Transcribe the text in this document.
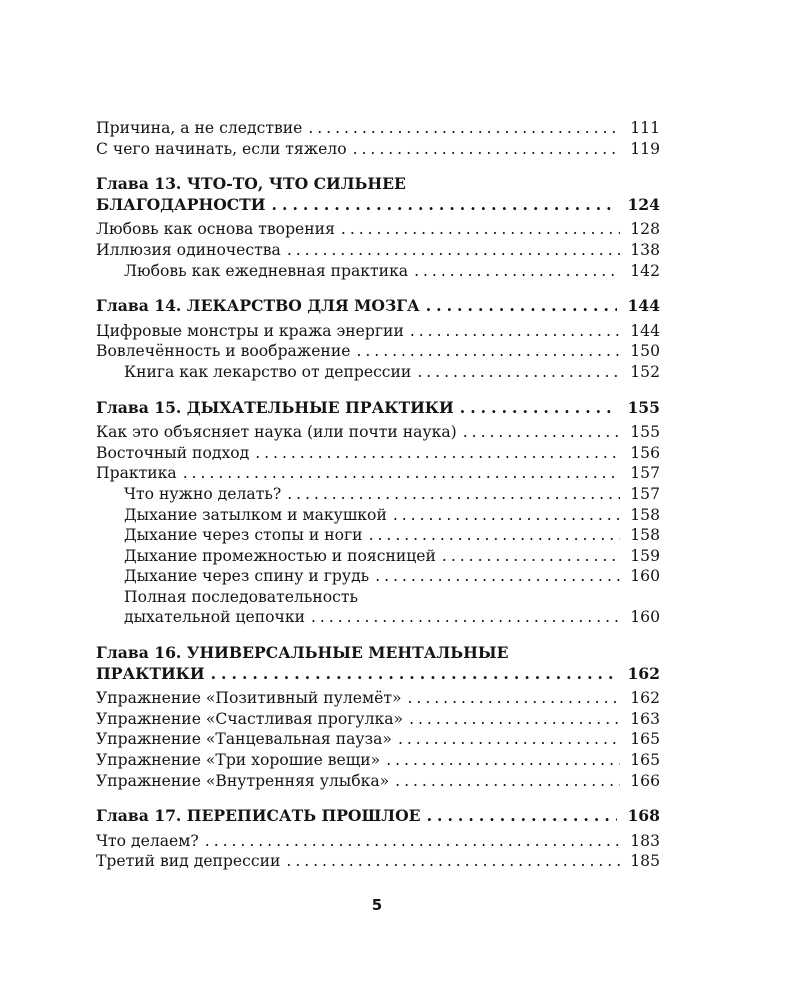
Причина, а не следствие . . .	111
С чего начинать, если тяжело . . .	119
Глава 13. ЧТО-ТО, ЧТО СИЛЬНЕЕ
БЛАГОДАРНОСТИ . . .	124
Любовь как основа творения . . .	128
Иллюзия одиночества . . .	138
Любовь как ежедневная практика . . .	142
Глава 14. ЛЕКАРСТВО ДЛЯ МОЗГА . . .	144
Цифровые монстры и кража энергии . . .	144
Вовлечённость и воображение . . .	150
Книга как лекарство от депрессии . . .	152
Глава 15. ДЫХАТЕЛЬНЫЕ ПРАКТИКИ . . .	155
Как это объясняет наука (или почти наука) . . .	155
Восточный подход . . .	156
Практика . . .	157
Что нужно делать? . . .	157
Дыхание затылком и макушкой . . .	158
Дыхание через стопы и ноги . . .	158
Дыхание промежностью и поясницей . . .	159
Дыхание через спину и грудь . . .	160
Полная последовательность
дыхательной цепочки . . .	160
Глава 16. УНИВЕРСАЛЬНЫЕ МЕНТАЛЬНЫЕ
ПРАКТИКИ . . .	162
Упражнение «Позитивный пулемёт» . . .	162
Упражнение «Счастливая прогулка» . . .	163
Упражнение «Танцевальная пауза» . . .	165
Упражнение «Три хорошие вещи» . . .	165
Упражнение «Внутренняя улыбка» . . .	166
Глава 17. ПЕРЕПИСАТЬ ПРОШЛОЕ . . .	168
Что делаем? . . .	183
Третий вид депрессии . . .	185
5
